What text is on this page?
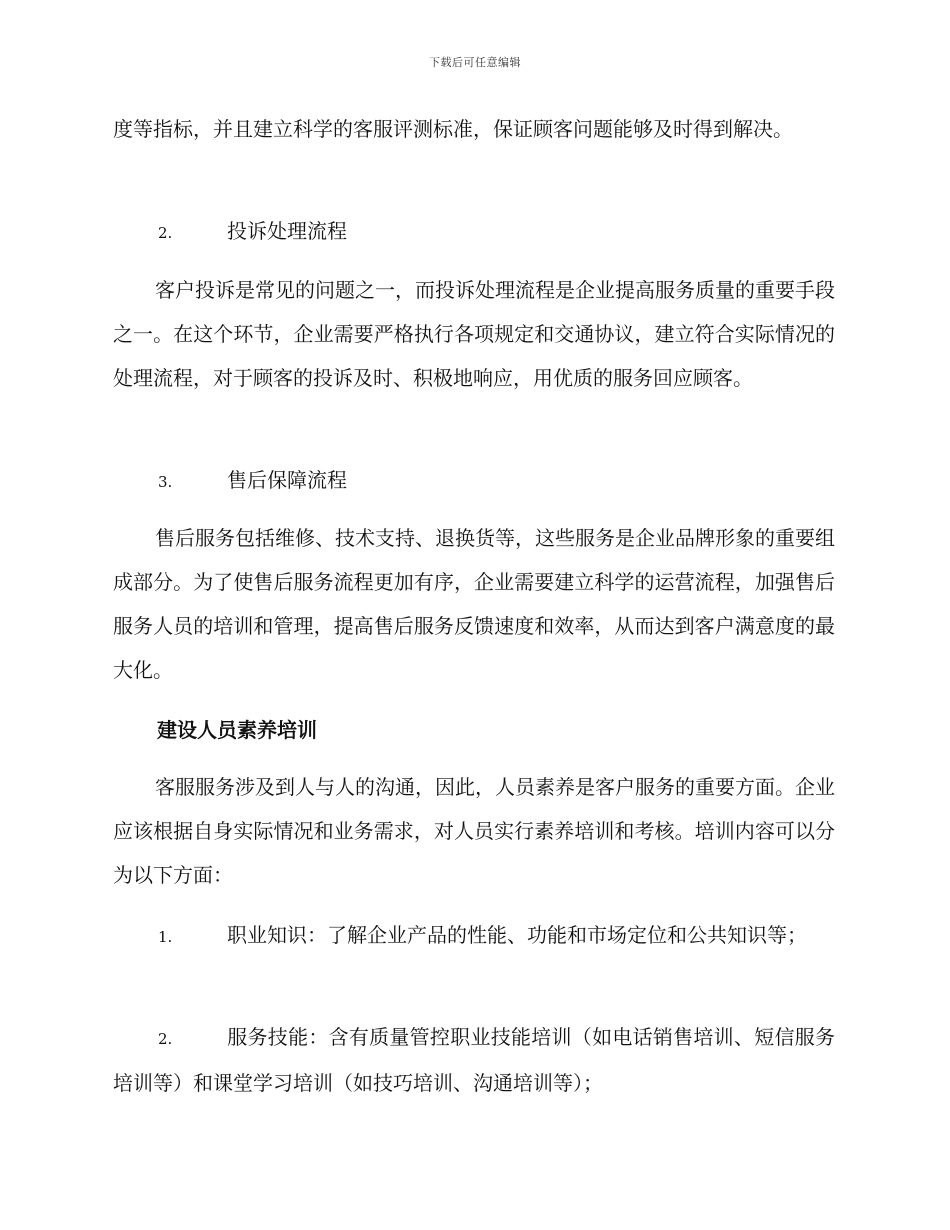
下载后可任意编辑

度等指标，并且建立科学的客服评测标准，保证顾客问题能够及时得到解决。

2.	投诉处理流程

客户投诉是常见的问题之一，而投诉处理流程是企业提高服务质量的重要手段之一。在这个环节，企业需要严格执行各项规定和交通协议，建立符合实际情况的处理流程，对于顾客的投诉及时、积极地响应，用优质的服务回应顾客。

3.	售后保障流程

售后服务包括维修、技术支持、退换货等，这些服务是企业品牌形象的重要组成部分。为了使售后服务流程更加有序，企业需要建立科学的运营流程，加强售后服务人员的培训和管理，提高售后服务反馈速度和效率，从而达到客户满意度的最大化。

建设人员素养培训

客服服务涉及到人与人的沟通，因此，人员素养是客户服务的重要方面。企业应该根据自身实际情况和业务需求，对人员实行素养培训和考核。培训内容可以分为以下方面：

1.	职业知识：了解企业产品的性能、功能和市场定位和公共知识等；
2.	服务技能：含有质量管控职业技能培训（如电话销售培训、短信服务培训等）和课堂学习培训（如技巧培训、沟通培训等）；
